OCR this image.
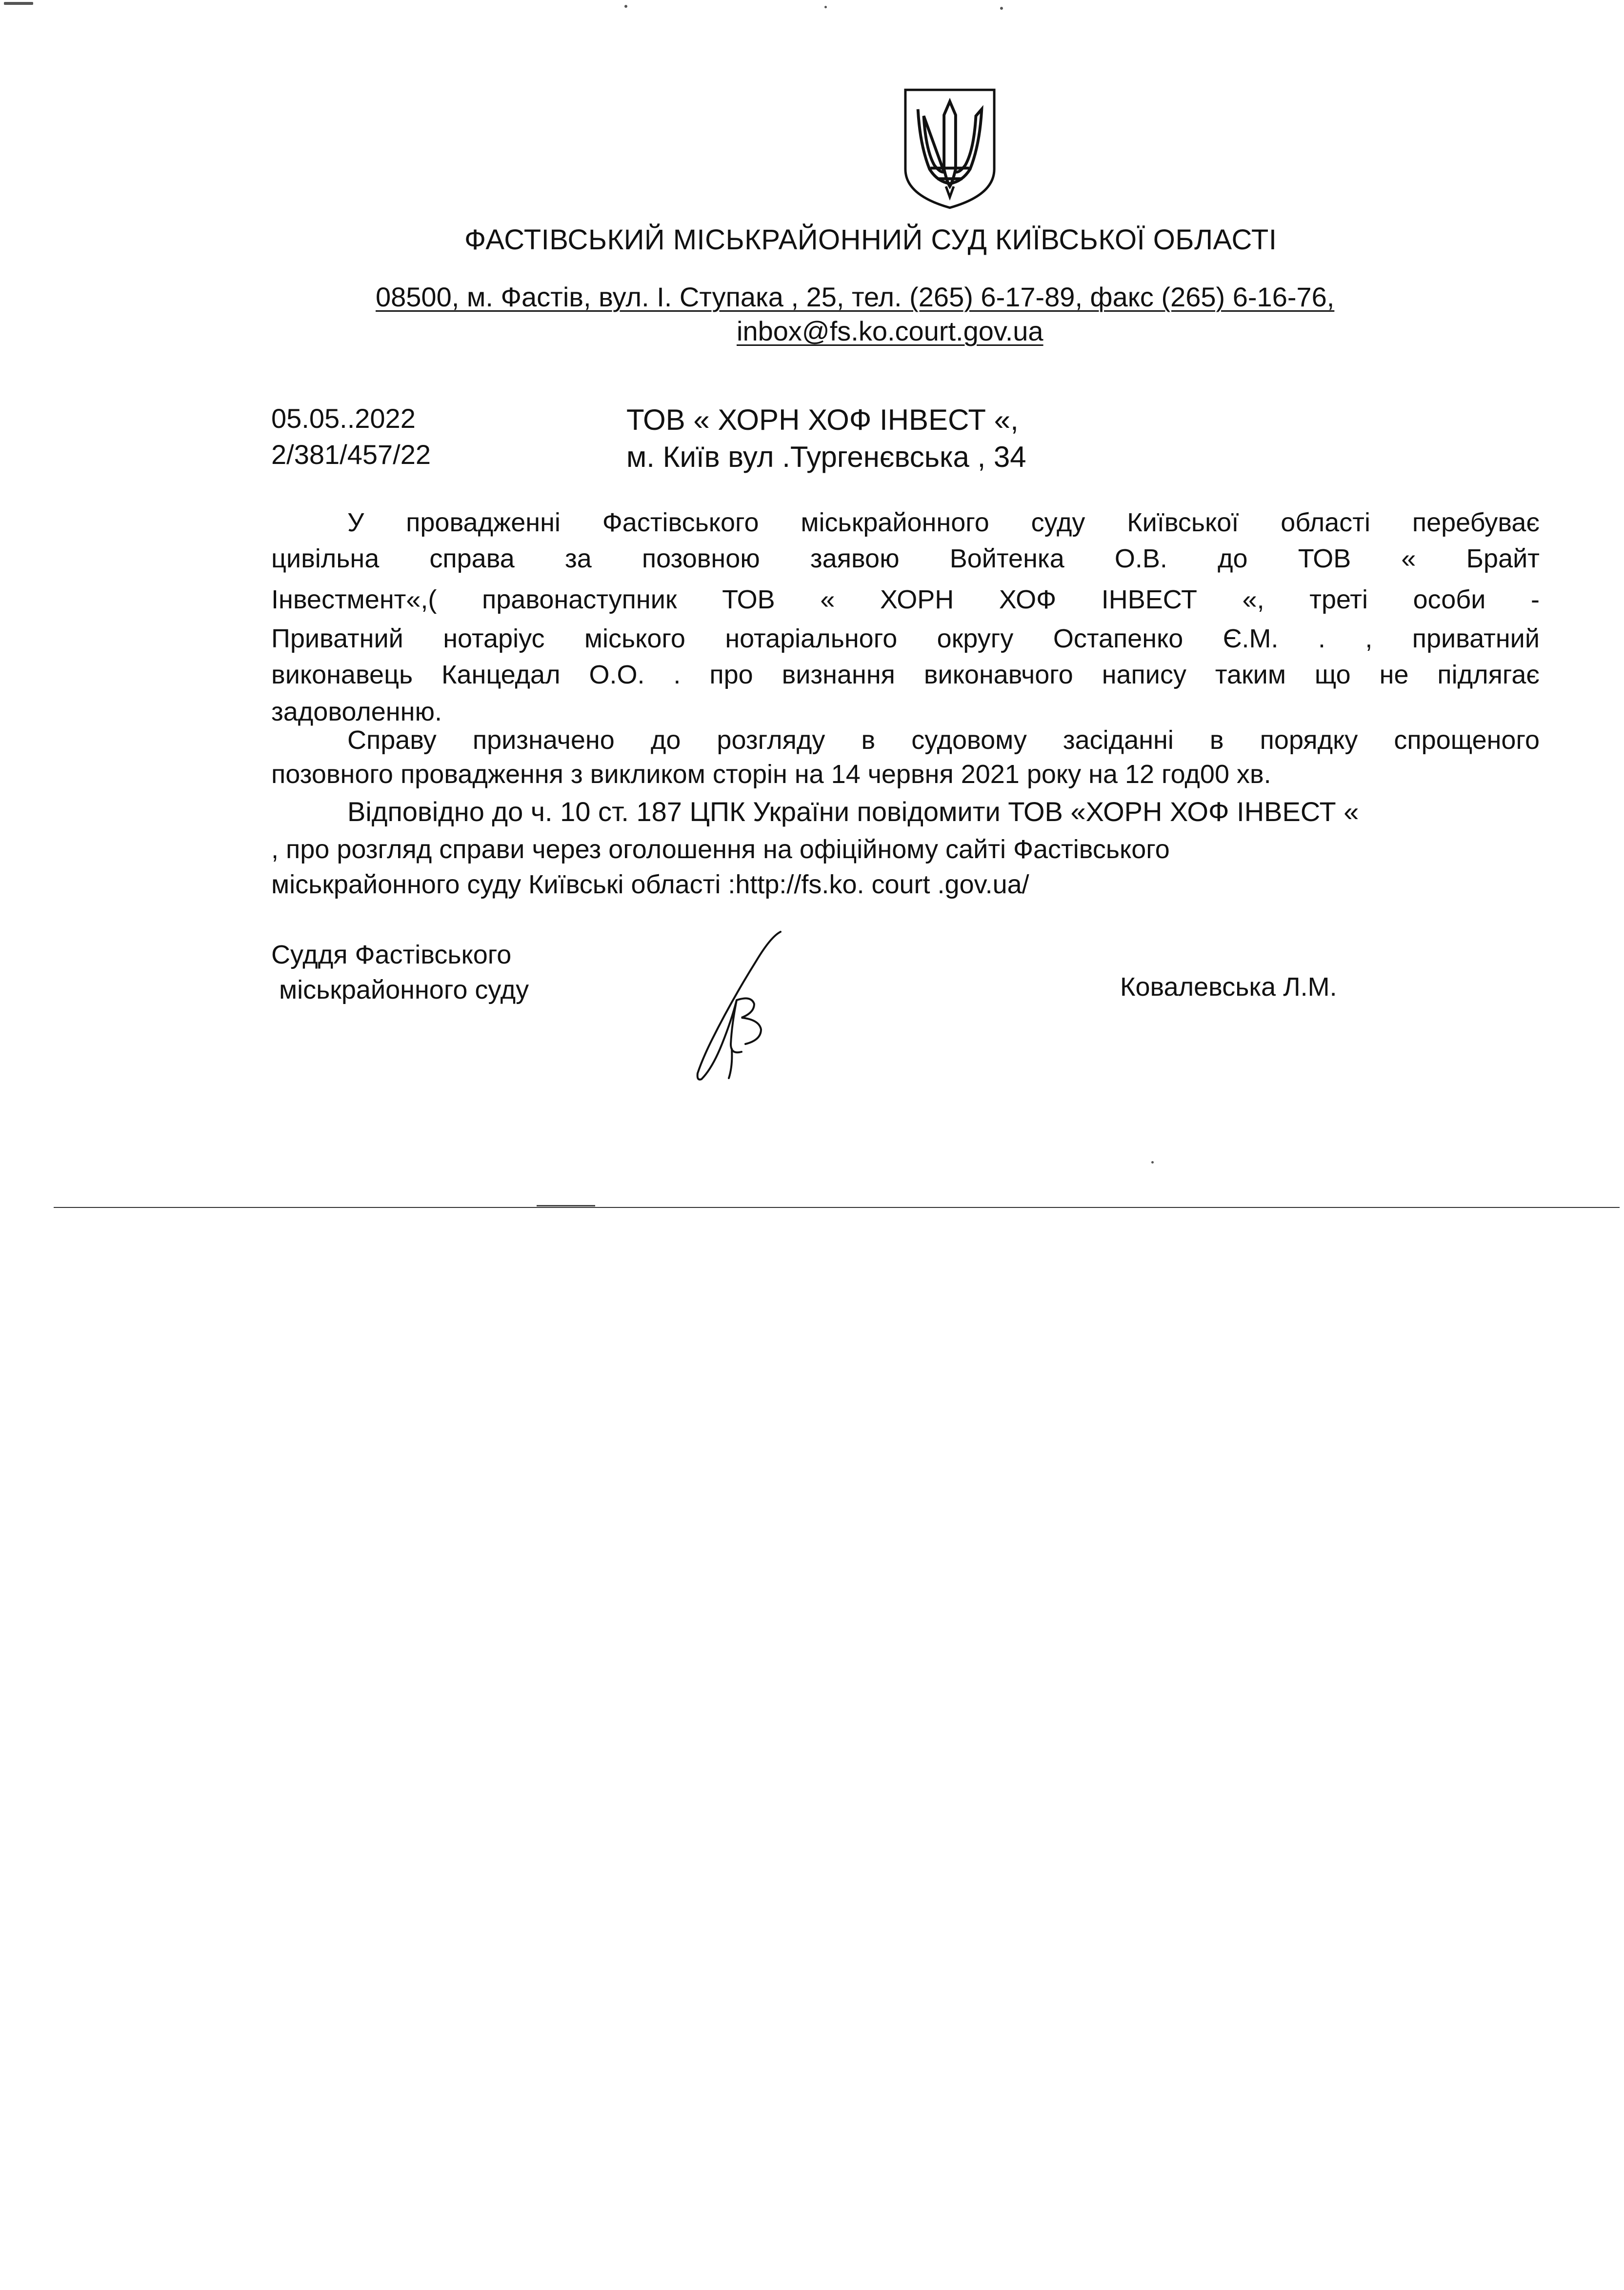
ФАСТІВСЬКИЙ МІСЬКРАЙОННИЙ СУД КИЇВСЬКОЇ ОБЛАСТІ
08500, м. Фастів, вул. І. Ступака , 25, тел. (265) 6-17-89, факс (265) 6-16-76,
inbox@fs.ko.court.gov.ua
05.05..2022
2/381/457/22
ТОВ « ХОРН ХОФ ІНВЕСТ «,
м. Київ вул .Тургенєвська , 34
У провадженні Фастівського міськрайонного суду Київської області перебуває
цивільна справа за позовною заявою Войтенка О.В. до ТОВ « Брайт
Інвестмент«,( правонаступник ТОВ « ХОРН ХОФ ІНВЕСТ «, треті особи -
Приватний нотаріус міського нотаріального округу Остапенко Є.М. . , приватний
виконавець Канцедал О.О. . про визнання виконавчого напису таким що не підлягає
задоволенню.
Справу призначено до розгляду в судовому засіданні в порядку спрощеного
позовного провадження з викликом сторін на 14 червня 2021 року на 12 год00 хв.
Відповідно до ч. 10 ст. 187 ЦПК України повідомити ТОВ «ХОРН ХОФ ІНВЕСТ «
, про розгляд справи через оголошення на офіційному сайті Фастівського
міськрайонного суду Київські області :http://fs.ko. court .gov.ua/
Суддя Фастівського
міськрайонного суду	Ковалевська Л.М.
